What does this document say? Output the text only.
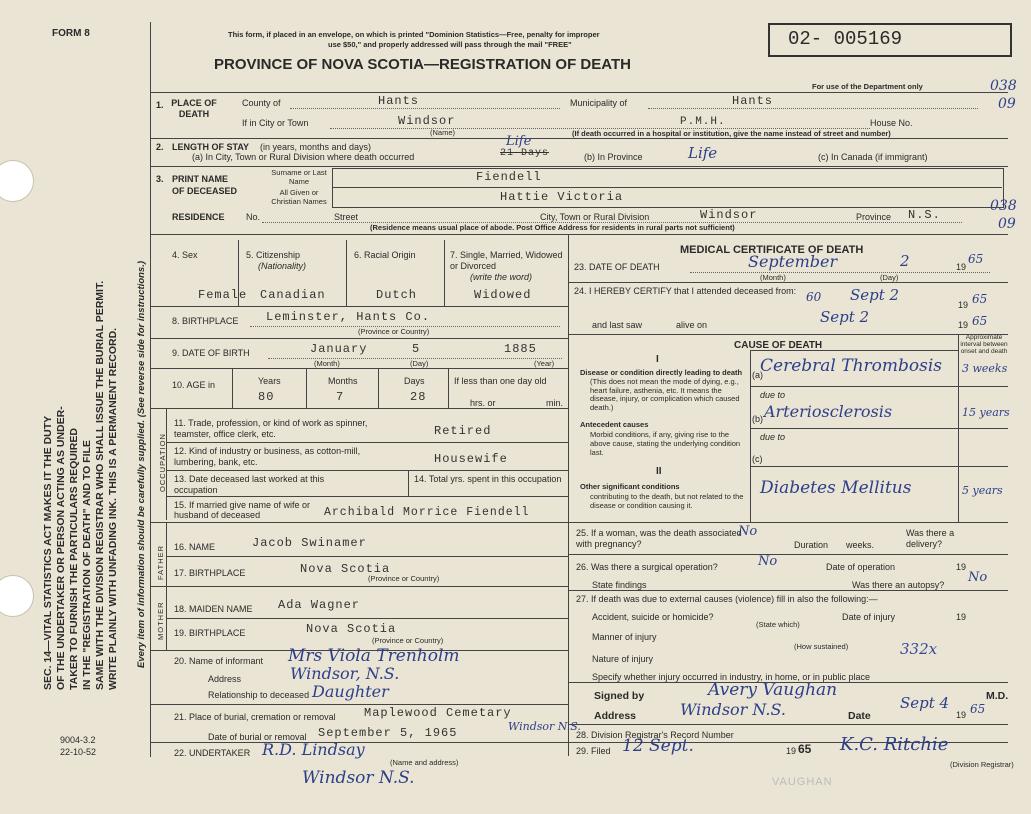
FORM 8	This form, if placed in an envelope, on which is printed "Dominion Statistics—Free, penalty for improper
use $50," and properly addressed will pass through the mail "FREE"
PROVINCE OF NOVA SCOTIA—REGISTRATION OF DEATH
02- 005169
For use of the Department only	038
09
SEC. 14—VITAL STATISTICS ACT MAKES IT THE DUTY OF THE UNDERTAKER OR PERSON ACTING AS UNDER- TAKER TO FURNISH THE PARTICULARS REQUIRED IN THE "REGISTRATION OF DEATH" AND TO FILE SAME WITH THE DIVISION REGISTRAR WHO SHALL ISSUE THE BURIAL PERMIT. WRITE PLAINLY WITH UNFADING INK. THIS IS A PERMANENT RECORD. Every item of information should be carefully supplied. (See reverse side for instructions.)
9004-3.2
22-10-52
1. PLACE OF DEATH
County of	Hants	Municipality of	Hants
If in City or Town	Windsor
(Name)
P.M.H.	House No.
(If death occurred in a hospital or institution, give the name instead of street and number)
2. LENGTH OF STAY (in years, months and days)
(a) In City, Town or Rural Division where death occurred	21 Days
Life
(b) In Province	Life	(c) In Canada (if immigrant)
3. PRINT NAME
OF DECEASED
Surname or Last Name
All Given or Christian Names
Fiendell
Hattie Victoria
RESIDENCE No.	Street	City, Town or Rural Division	Windsor	Province N.S.
038
09
(Residence means usual place of abode. Post Office Address for residents in rural parts not sufficient)
4. Sex	5. Citizenship
(Nationality)
6. Racial Origin	7. Single, Married, Widowed or Divorced
(write the word)
Female Canadian	Dutch	Widowed
8. BIRTHPLACE Leminster, Hants Co.
(Province or Country)
9. DATE OF BIRTH	January	5	1885
(Month)	(Day)	(Year)
10. AGE in	Years	Months	Days	If less than one day old
80	7	28	hrs. or	min.
OCCUPATION
11. Trade, profession, or kind of work as spinner, teamster, office clerk, etc.	Retired
12. Kind of industry or business, as cotton-mill, lumbering, bank, etc.	Housewife
13. Date deceased last worked at this occupation
14. Total yrs. spent in this occupation
15. If married give name of wife or husband of deceased	Archibald Morrice Fiendell
FATHER
MOTHER
16. NAME	Jacob Swinamer
17. BIRTHPLACE	Nova Scotia
(Province or Country)
18. MAIDEN NAME Ada Wagner
19. BIRTHPLACE	Nova Scotia
(Province or Country)
20. Name of informant Mrs Viola Trenholm
Address	Windsor, N.S.
Relationship to deceased Daughter
21. Place of burial, cremation or removal Maplewood Cemetary
Date of burial or removal September 5, 1965	Windsor N.S.
22. UNDERTAKER R.D. Lindsay
(Name and address)
Windsor N.S.
MEDICAL CERTIFICATE OF DEATH
23. DATE OF DEATH	September	2	19
65
(Month)	(Day)
24. I HEREBY CERTIFY that I attended deceased from: 60 Sept 2
19 65
and last saw	alive on	Sept 2	19 65
CAUSE OF DEATH
Approximate interval between onset and death
I
Disease or condition directly leading to death
(This does not mean the mode of dying, e.g., heart failure, asthenia, etc. It means the disease, injury, or complication which caused death.)
(a)
Cerebral Thrombosis 3 weeks
due to
(b) Arteriosclerosis	15 years
Antecedent causes
Morbid conditions, if any, giving rise to the above cause, stating the underlying condition last.
due to
(c)
II
Other significant conditions
contributing to the death, but not related to the disease or condition causing it.
Diabetes Mellitus	5 years
25. If a woman, was the death associated with pregnancy?
No
Duration weeks.
Was there a delivery?
26. Was there a surgical operation?	No	Date of operation	19
State findings	Was there an autopsy? No
27. If death was due to external causes (violence) fill in also the following:—
Accident, suicide or homicide?	Date of injury	19
(State which)
Manner of injury
(How sustained)
Nature of injury
332x
Specify whether injury occurred in industry, in home, or in public place
Signed by	Avery Vaughan	M.D.
Address	Windsor N.S.	Date
Sept 4
19 65
28. Division Registrar's Record Number
29. Filed 12 Sept.	19 65 K.C. Ritchie
(Division Registrar)
VAUGHAN
